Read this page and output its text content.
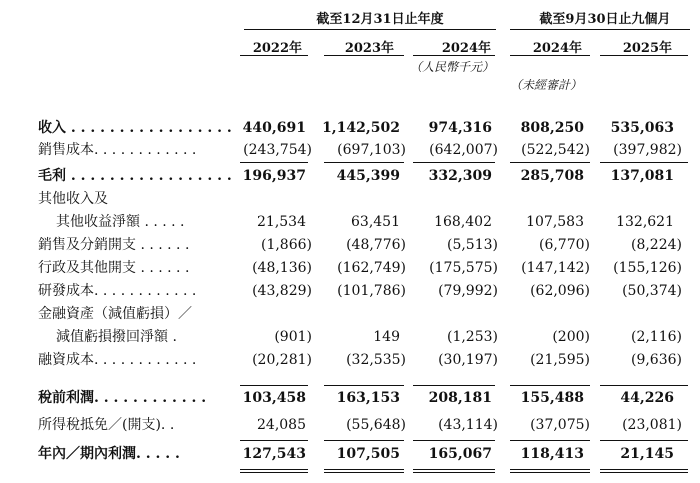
截至12月31日止年度	截至9月30日止九個月
2022年	2023年	2024年	2024年	2025年
（人民幣千元）
（未經審計）
收入 . . . . . . . . . . . . . . . . . 440,691	1,142,502	974,316	808,250	535,063
銷售成本. . . . . . . . . . . .	(243,754)	(697,103)	(642,007)	(522,542)	(397,982)
毛利 . . . . . . . . . . . . . . . . . 196,937	445,399	332,309	285,708	137,081
其他收入及
其他收益淨額 . . . . .	21,534	63,451	168,402	107,583	132,621
銷售及分銷開支 . . . . . .	(1,866)	(48,776)	(5,513)	(6,770)	(8,224)
行政及其他開支 . . . . . .	(48,136)	(162,749)	(175,575)	(147,142)	(155,126)
研發成本. . . . . . . . . . . .	(43,829)	(101,786)	(79,992)	(62,096)	(50,374)
金融資產（減值虧損）／
減值虧損撥回淨額 .	(901)	149	(1,253)	(200)	(2,116)
融資成本. . . . . . . . . . . .	(20,281)	(32,535)	(30,197)	(21,595)	(9,636)
稅前利潤. . . . . . . . . . . .	103,458	163,153	208,181	155,488	44,226
所得稅抵免／(開支). .	24,085	(55,648)	(43,114)	(37,075)	(23,081)
年內／期內利潤. . . . .	127,543	107,505	165,067	118,413	21,145
